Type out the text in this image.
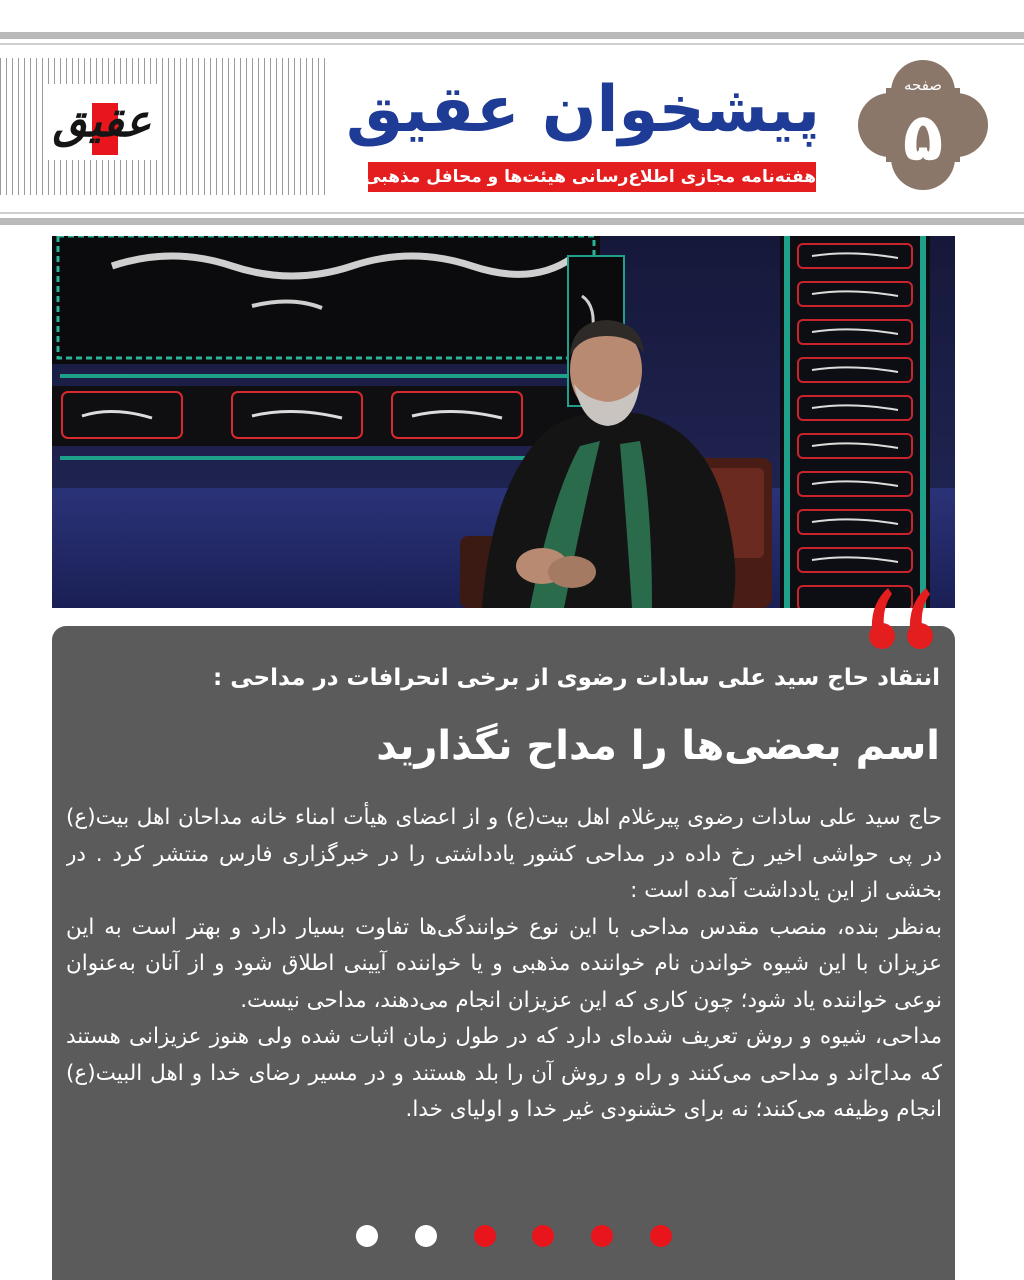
عقیق	پیشخوان عقیق
هفته‌نامه مجازی اطلاع‌رسانی هیئت‌ها و محافل مذهبی
صفحه
۵
انتقاد حاج سید علی سادات رضوی از برخی انحرافات در مداحی :
اسم بعضی‌ها را مداح نگذارید

حاج سید علی سادات رضوی پیرغلام اهل بیت(ع) و از اعضای هیأت امناء خانه مداحان اهل بیت(ع) در پی حواشی اخیر رخ داده در مداحی کشور یادداشتی را در خبرگزاری فارس منتشر کرد . در بخشی از این یادداشت آمده است :

به‌نظر بنده، منصب مقدس مداحی با این نوع خوانندگی‌ها تفاوت بسیار دارد و بهتر است به این عزیزان با این شیوه خواندن نام خواننده مذهبی و یا خواننده آیینی اطلاق شود و از آنان به‌عنوان نوعی خواننده یاد شود؛ چون کاری که این عزیزان انجام می‌دهند، مداحی نیست.

مداحی، شیوه و روش تعریف شده‌ای دارد که در طول زمان اثبات شده ولی هنوز عزیزانی هستند که مداح‌اند و مداحی می‌کنند و راه و روش آن را بلد هستند و در مسیر رضای خدا و اهل البیت(ع) انجام وظیفه می‌کنند؛ نه برای خشنودی غیر خدا و اولیای خدا.
